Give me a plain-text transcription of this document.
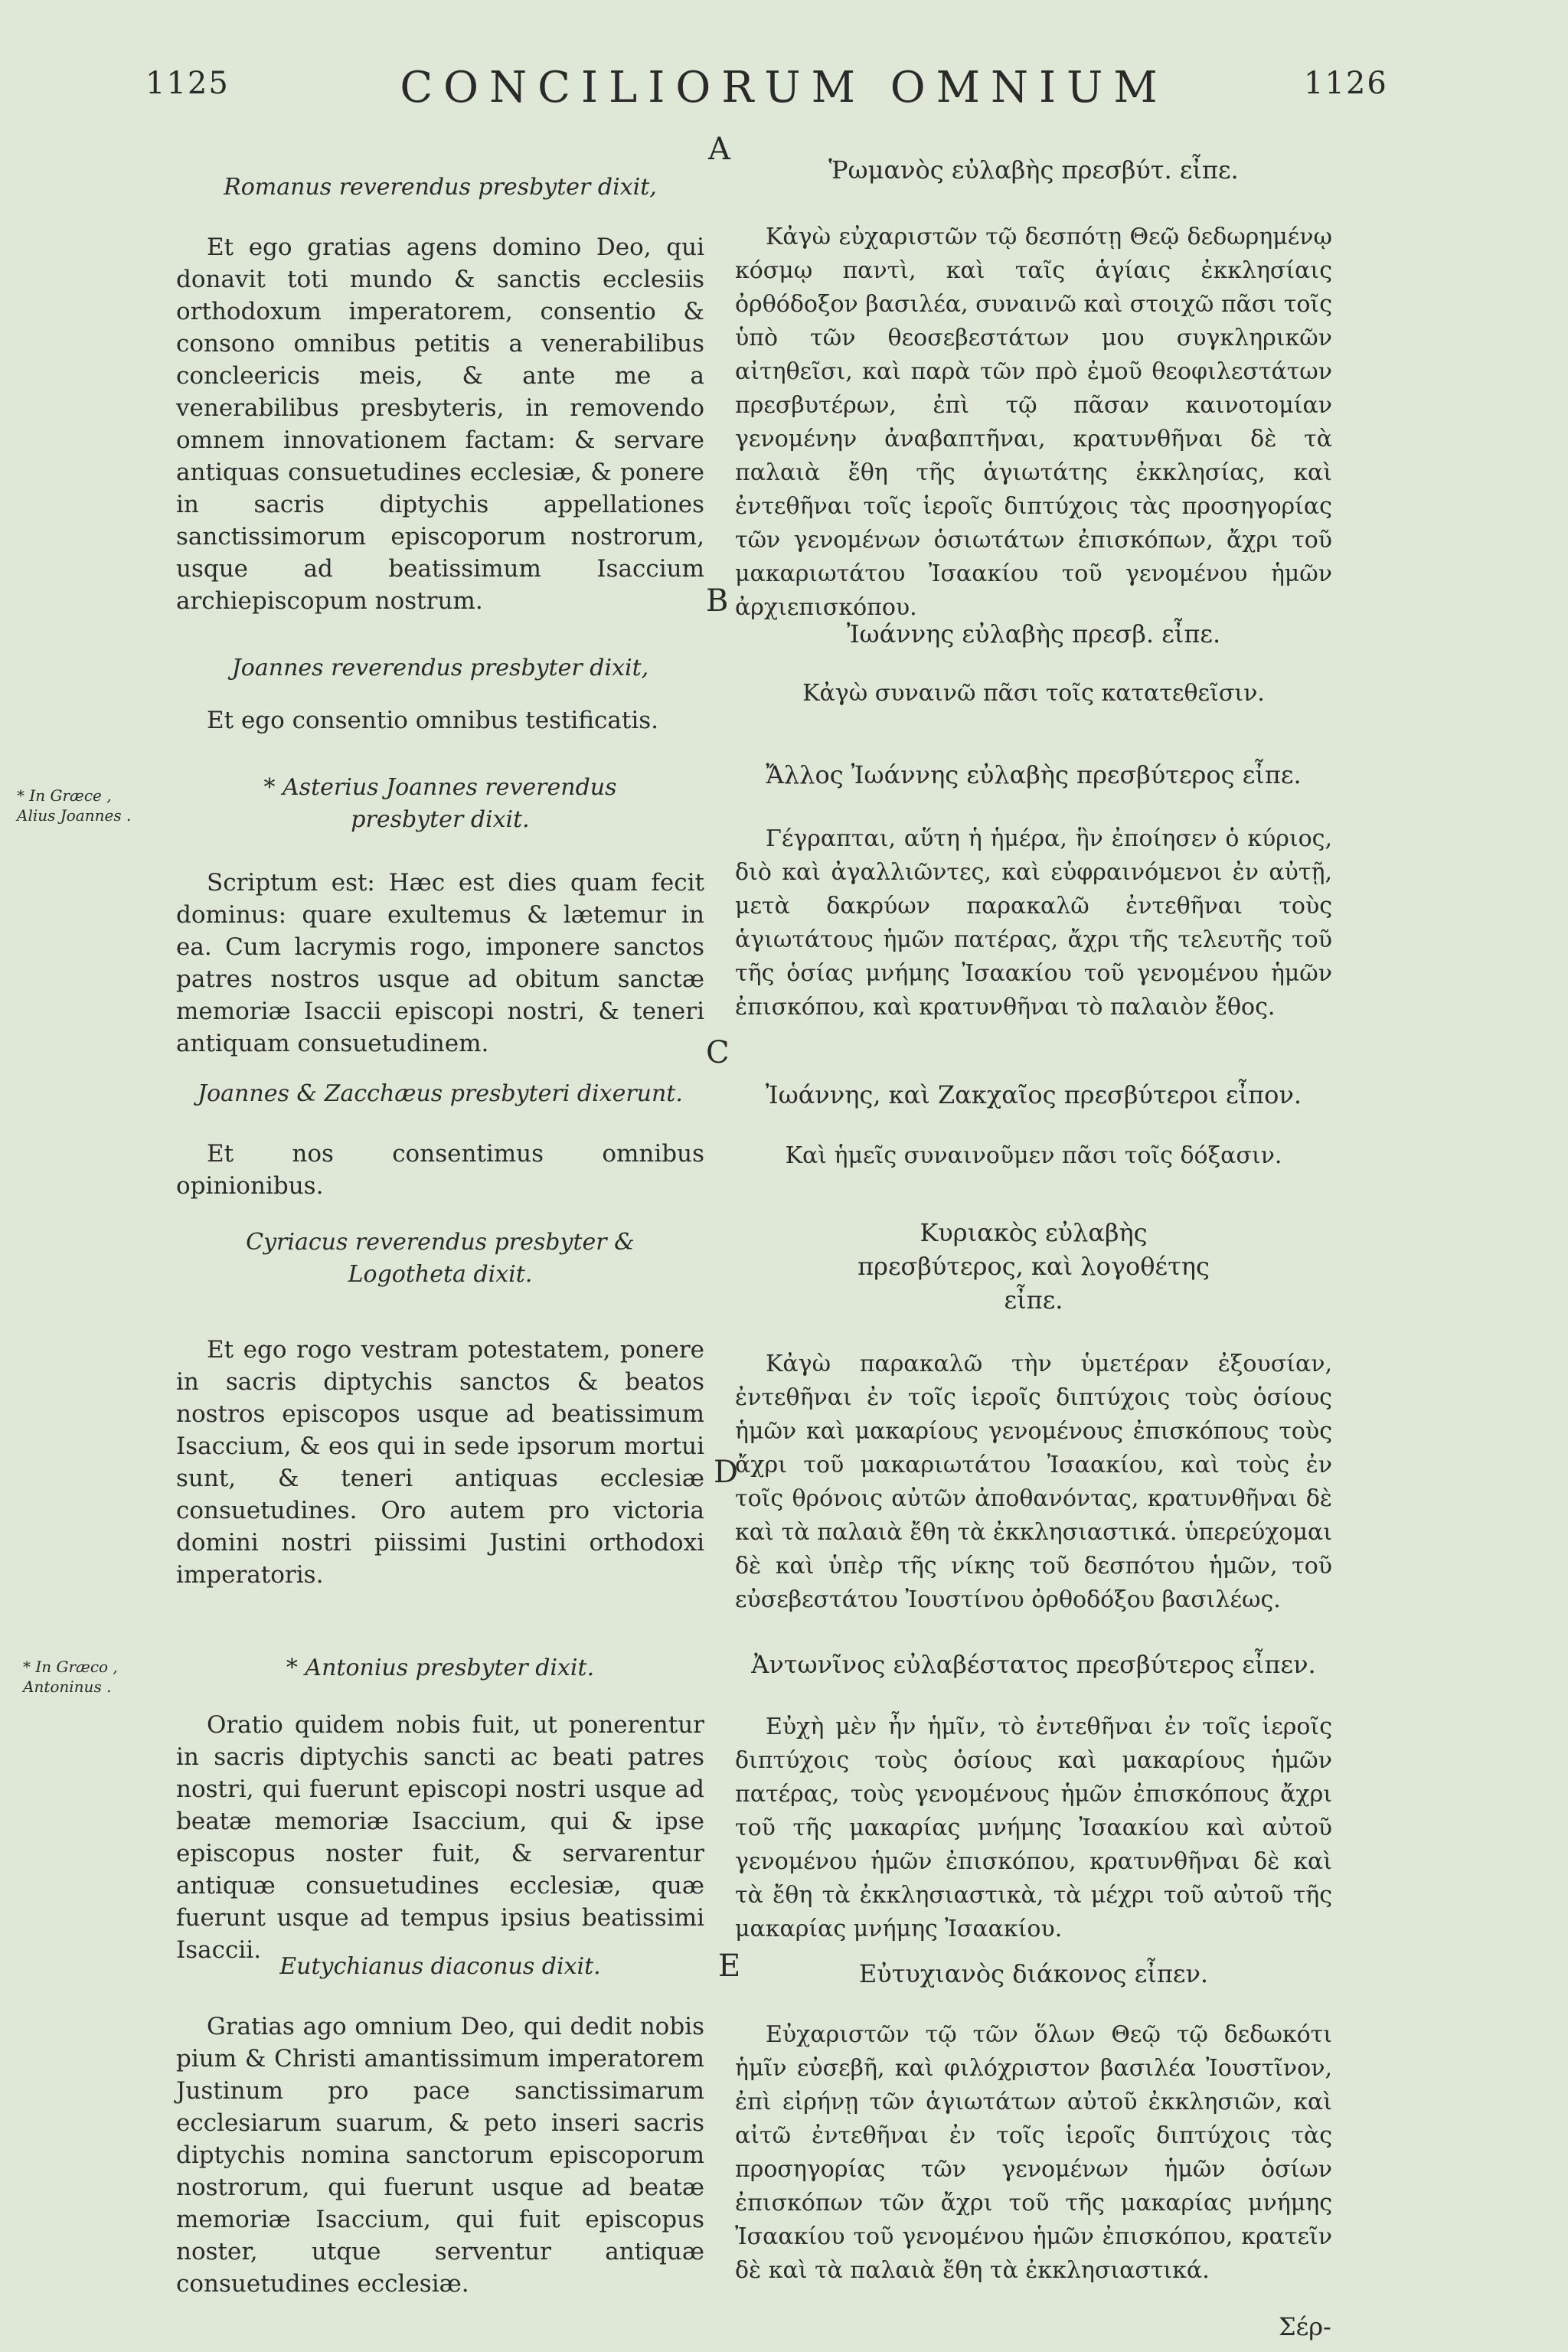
1125	CONCILIORUM OMNIUM	1126
A
B
C
D
E
* In Græce , Alius Joannes .
* In Græco , Antoninus .
Romanus reverendus presbyter dixit,
Et ego gratias agens domino Deo, qui donavit toti mundo & sanctis ecclesiis orthodoxum imperatorem, consentio & consono omnibus petitis a venerabilibus concleericis meis, & ante me a venerabilibus presbyteris, in removendo omnem innovationem factam: & servare antiquas consuetudines ecclesiæ, & ponere in sacris diptychis appellationes sanctissimorum episcoporum nostrorum, usque ad beatissimum Isaccium archiepiscopum nostrum.
Joannes reverendus presbyter dixit,
Et ego consentio omnibus testificatis.
* Asterius Joannes reverendus presbyter dixit.
Scriptum est: Hæc est dies quam fecit dominus: quare exultemus & lætemur in ea. Cum lacrymis rogo, imponere sanctos patres nostros usque ad obitum sanctæ memoriæ Isaccii episcopi nostri, & teneri antiquam consuetudinem.
Joannes & Zacchæus presbyteri dixerunt.
Et nos consentimus omnibus opinionibus.
Cyriacus reverendus presbyter & Logotheta dixit.
Et ego rogo vestram potestatem, ponere in sacris diptychis sanctos & beatos nostros episcopos usque ad beatissimum Isaccium, & eos qui in sede ipsorum mortui sunt, & teneri antiquas ecclesiæ consuetudines. Oro autem pro victoria domini nostri piissimi Justini orthodoxi imperatoris.
* Antonius presbyter dixit.
Oratio quidem nobis fuit, ut ponerentur in sacris diptychis sancti ac beati patres nostri, qui fuerunt episcopi nostri usque ad beatæ memoriæ Isaccium, qui & ipse episcopus noster fuit, & servarentur antiquæ consuetudines ecclesiæ, quæ fuerunt usque ad tempus ipsius beatissimi Isaccii.
Eutychianus diaconus dixit.
Gratias ago omnium Deo, qui dedit nobis pium & Christi amantissimum imperatorem Justinum pro pace sanctissimarum ecclesiarum suarum, & peto inseri sacris diptychis nomina sanctorum episcoporum nostrorum, qui fuerunt usque ad beatæ memoriæ Isaccium, qui fuit episcopus noster, utque serventur antiquæ consuetudines ecclesiæ.
Ῥωμανὸς εὐλαβὴς πρεσβύτ. εἶπε.
Κἀγὼ εὐχαριστῶν τῷ δεσπότῃ Θεῷ δεδωρημένῳ κόσμῳ παντὶ, καὶ ταῖς ἁγίαις ἐκκλησίαις ὀρθόδοξον βασιλέα, συναινῶ καὶ στοιχῶ πᾶσι τοῖς ὑπὸ τῶν θεοσεβεστάτων μου συγκληρικῶν αἰτηθεῖσι, καὶ παρὰ τῶν πρὸ ἐμοῦ θεοφιλεστάτων πρεσβυτέρων, ἐπὶ τῷ πᾶσαν καινοτομίαν γενομένην ἀναβαπτῆναι, κρατυνθῆναι δὲ τὰ παλαιὰ ἔθη τῆς ἁγιωτάτης ἐκκλησίας, καὶ ἐντεθῆναι τοῖς ἱεροῖς διπτύχοις τὰς προσηγορίας τῶν γενομένων ὁσιωτάτων ἐπισκόπων, ἄχρι τοῦ μακαριωτάτου Ἰσαακίου τοῦ γενομένου ἡμῶν ἀρχιεπισκόπου.
Ἰωάννης εὐλαβὴς πρεσβ. εἶπε.
Κἀγὼ συναινῶ πᾶσι τοῖς κατατεθεῖσιν.
Ἄλλος Ἰωάννης εὐλαβὴς πρεσβύτερος εἶπε.
Γέγραπται, αὕτη ἡ ἡμέρα, ἣν ἐποίησεν ὁ κύριος, διὸ καὶ ἀγαλλιῶντες, καὶ εὐφραινόμενοι ἐν αὐτῇ, μετὰ δακρύων παρακαλῶ ἐντεθῆναι τοὺς ἁγιωτάτους ἡμῶν πατέρας, ἄχρι τῆς τελευτῆς τοῦ τῆς ὁσίας μνήμης Ἰσαακίου τοῦ γενομένου ἡμῶν ἐπισκόπου, καὶ κρατυνθῆναι τὸ παλαιὸν ἔθος.
Ἰωάννης, καὶ Ζακχαῖος πρεσβύτεροι εἶπον.
Καὶ ἡμεῖς συναινοῦμεν πᾶσι τοῖς δόξασιν.
Κυριακὸς εὐλαβὴς πρεσβύτερος, καὶ λογοθέτης εἶπε.
Κἀγὼ παρακαλῶ τὴν ὑμετέραν ἐξουσίαν, ἐντεθῆναι ἐν τοῖς ἱεροῖς διπτύχοις τοὺς ὁσίους ἡμῶν καὶ μακαρίους γενομένους ἐπισκόπους τοὺς ἄχρι τοῦ μακαριωτάτου Ἰσαακίου, καὶ τοὺς ἐν τοῖς θρόνοις αὐτῶν ἀποθανόντας, κρατυνθῆναι δὲ καὶ τὰ παλαιὰ ἔθη τὰ ἐκκλησιαστικά. ὑπερεύχομαι δὲ καὶ ὑπὲρ τῆς νίκης τοῦ δεσπότου ἡμῶν, τοῦ εὐσεβεστάτου Ἰουστίνου ὀρθοδόξου βασιλέως.
Ἀντωνῖνος εὐλαβέστατος πρεσβύτερος εἶπεν.
Εὐχὴ μὲν ἦν ἡμῖν, τὸ ἐντεθῆναι ἐν τοῖς ἱεροῖς διπτύχοις τοὺς ὁσίους καὶ μακαρίους ἡμῶν πατέρας, τοὺς γενομένους ἡμῶν ἐπισκόπους ἄχρι τοῦ τῆς μακαρίας μνήμης Ἰσαακίου καὶ αὐτοῦ γενομένου ἡμῶν ἐπισκόπου, κρατυνθῆναι δὲ καὶ τὰ ἔθη τὰ ἐκκλησιαστικὰ, τὰ μέχρι τοῦ αὐτοῦ τῆς μακαρίας μνήμης Ἰσαακίου.
Εὐτυχιανὸς διάκονος εἶπεν.
Εὐχαριστῶν τῷ τῶν ὅλων Θεῷ τῷ δεδωκότι ἡμῖν εὐσεβῆ, καὶ φιλόχριστον βασιλέα Ἰουστῖνον, ἐπὶ εἰρήνῃ τῶν ἁγιωτάτων αὐτοῦ ἐκκλησιῶν, καὶ αἰτῶ ἐντεθῆναι ἐν τοῖς ἱεροῖς διπτύχοις τὰς προσηγορίας τῶν γενομένων ἡμῶν ὁσίων ἐπισκόπων τῶν ἄχρι τοῦ τῆς μακαρίας μνήμης Ἰσαακίου τοῦ γενομένου ἡμῶν ἐπισκόπου, κρατεῖν δὲ καὶ τὰ παλαιὰ ἔθη τὰ ἐκκλησιαστικά.
Σέρ-
